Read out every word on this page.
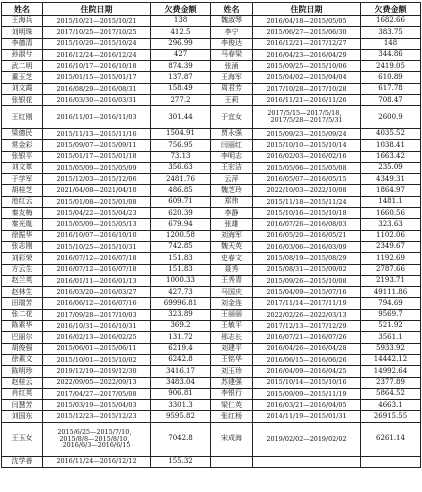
姓名	住院日期	欠费金额	姓名	住院日期	欠费金额
王海兵	2015/10/21—2015/10/21	138	魏淑琴	2016/04/18—2015/05/05	1682.66
刘明珠	2017/10/25—2017/10/25	412.5	李宁	2015/06/27—2015/06/30	383.75
李德清	2015/10/20—2015/10/24	296.99	李俊达	2016/12/21—2017/12/27	148
孙淑兮	2016/12/24—2016/12/24	427	马春梁	2016/04/23—2016/04/29	344.86
武二明	2016/10/17—2016/10/18	874.39	张涌	2015/09/25—2015/10/06	2419.05
董玉芝	2015/01/15—2015/01/17	137.87	王海军	2015/04/02—2015/04/04	610.89
刘文霞	2016/08/29—2016/08/31	158.49	周君芳	2017/10/28—2017/10/28	617.78
张银花	2016/03/30—2016/03/31	277.2	王莉	2016/11/21—2016/11/26	708.47
王红刚	2016/11/01—2016/11/03	301.44	于宜女	2017/5/15—2017/5/18，
2017/5/28—2017/5/31	2600.9
梁德民	2015/11/13—2015/11/16	1504.91	贾永强	2015/09/23—2015/09/24	4035.52
常金彩	2015/09/07—2015/09/11	756.95	闫丽红	2015/10/10—2015/10/14	1038.41
张银平	2015/01/17—2015/01/18	73.13	李明志	2016/02/03—2016/02/16	1663.42
刘文革	2015/05/09—2015/05/09	356.63	王宏洁	2015/05/06—2015/05/08	235.09
于学军	2015/12/03—2015/12/06	2481.76	云萍	2016/05/07—2016/05/15	4349.31
胡桂芝	2021/04/08—2021/04/10	486.85	魏芝玲	2022/10/03—2022/10/08	1864.97
池红云	2015/01/08—2015/01/08	609.71	郑伟	2015/11/18—2015/11/24	1481.1
秦友梅	2015/04/22—2015/04/23	620.39	李静	2015/10/16—2015/10/18	1660.56
秦光胤	2015/05/09—2015/05/13	679.94	张雄	2016/07/26—2016/08/03	323.63
徐振华	2016/10/07—2016/10/10	1200.58	刘海军	2016/05/20—2016/05/21	1102.06
张志刚	2015/10/25—2015/10/31	742.85	魏天英	2016/03/06—2016/03/09	2349.67
刘彩荣	2016/07/12—2016/07/18	151.83	史春文	2015/08/19—2015/08/29	1192.69
方云生	2016/07/12—2016/07/18	151.83	聂秀	2015/08/31—2015/09/02	2787.66
赵兰英	2016/01/11—2016/01/13	1000.33	王秀青	2015/09/26—2015/10/08	2193.71
赵林生	2016/03/20—2016/03/27	427.73	马国庆	2015/04/09—2015/07/16	49111.86
田瑞芳	2016/06/12—2016/07/16	69996.81	刘金连	2017/11/14—2017/11/19	794.69
张二花	2017/09/28—2017/10/03	323.89	王丽丽	2022/02/26—2022/03/13	9569.7
陈素华	2016/10/31—2016/10/31	369.2	王敏平	2017/12/13—2017/12/29	521.92
巴丽尔	2016/02/13—2016/02/25	131.72	邢志长	2016/07/21—2016/07/26	3561.1
胡俊强	2015/06/01—2015/06/11	6219.4	刘建平	2016/04/26—2016/04/28	5933.92
徐素文	2015/10/01—2015/10/02	6242.8	王铭华	2016/06/15—2016/06/26	14442.12
陈明珍	2019/12/19—2019/12/30	3416.17	刘玉珍	2016/04/09—2016/04/25	14992.64
赵桂云	2022/09/05—2022/09/13	3483.04	苏建强	2015/10/14—2015/10/16	2377.89
肖红英	2017/04/27—2017/05/08	906.81	李银行	2015/09/09—2015/11/19	5864.52
闫慧芳	2015/03/19—2015/04/03	3301.3	梁仁英	2016/03/21—2016/04/05	4663.1
刘国东	2015/12/23—2015/12/23	9595.82	张红杨	2014/11/19—2015/01/31	26915.55
王玉女	2015/6/25—2015/7/10，
2015/8/8—2015/8/10，
2016/6/3—2016/6/15	7042.8	宋成海	2019/02/02—2019/02/02	6261.14
沈学善	2016/11/24—2016/12/12	155.32			
